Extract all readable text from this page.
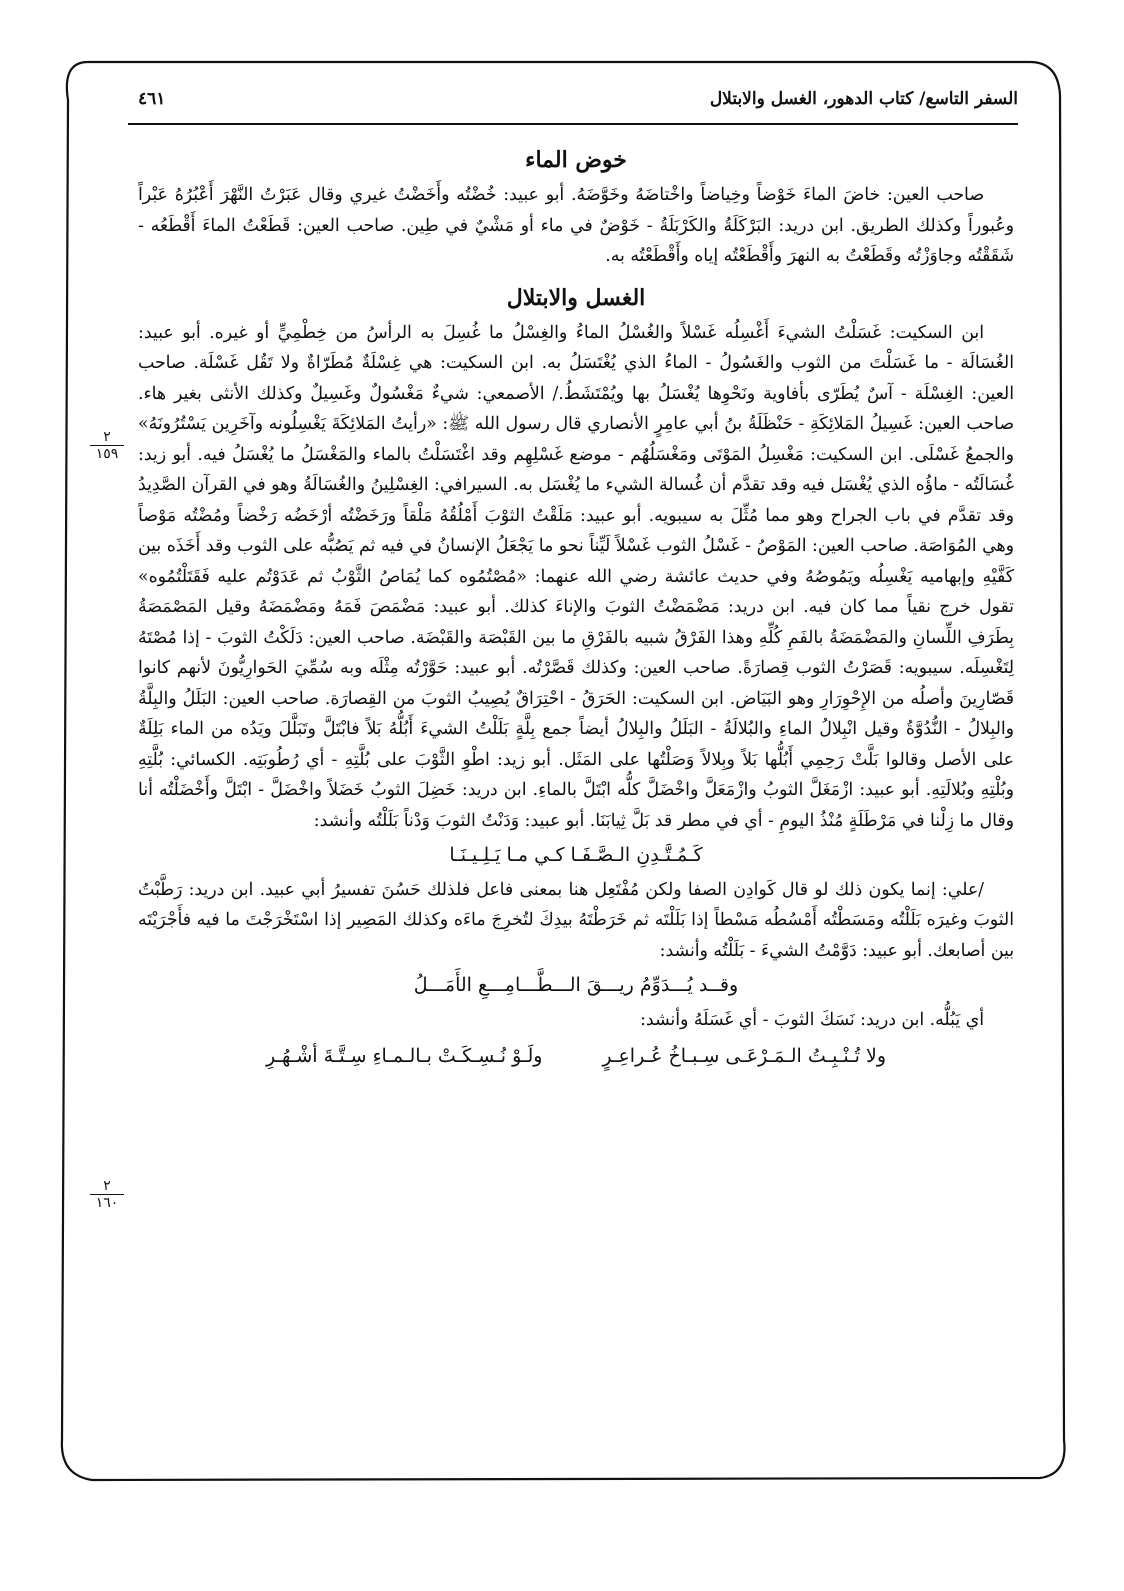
السفر التاسع/ كتاب الدهور، الغسل والابتلال
٤٦١
٢
١٥٩
٢
١٦٠
خوض الماء

صاحب العين: خاضَ الماءَ خَوْضاً وخِياضاً واخْتاضَهُ وخَوَّضَهُ. أبو عبيد: خُضْتُه وأَخَضْتُ غيري وقال عَبَرْتُ النَّهْرَ أَعْبُرُهُ عَبْراً وعُبوراً وكذلك الطريق. ابن دريد: البَرْكَلَةُ والكَرْبَلَةُ - خَوْضٌ في ماء أو مَشْيٌ في طِين. صاحب العين: قَطَعْتُ الماءَ أَقْطَعُه - شَقَقْتُه وجاوَزْتُه وقَطَعْتُ به النهرَ وأَقْطَعْتُه إياه وأَقْطَعْتُه به.

الغسل والابتلال

ابن السكيت: غَسَلْتُ الشيءَ أَغْسِلُه غَسْلاً والغُسْلُ الماءُ والغِسْلُ ما غُسِلَ به الرأسُ من خِطْمِيٍّ أو غيره. أبو عبيد: الغُسَالَة - ما غَسَلْتَ من الثوب والغَسُولُ - الماءُ الذي يُغْتَسَلُ به. ابن السكيت: هي غِسْلَةٌ مُطَرّاةٌ ولا تَقُل غَسْلَة. صاحب العين: الغِسْلَة - آسٌ يُطَرّى بأفاوية ونَحْوِها يُغْسَلُ بها ويُمْتَشَطُ./ الأصمعي: شيءٌ مَغْسُولٌ وغَسِيلٌ وكذلك الأنثى بغير هاء. صاحب العين: غَسِيلُ المَلائِكَةِ - حَنْظَلَةُ بنُ أبي عامِرٍ الأنصاري قال رسول الله ﷺ: «رأيتُ المَلائِكَةَ يَغْسِلُونه وآخَرِين يَسْتُرُونَهُ» والجمعُ غَسْلَى. ابن السكيت: مَغْسِلُ المَوْتَى ومَغْسَلُهُم - موضع غَسْلِهِم وقد اغْتَسَلْتُ بالماء والمَغْسَلُ ما يُغْسَلُ فيه. أبو زيد: غُسَالَتُه - ماؤُه الذي يُغْسَل فيه وقد تقدَّم أن غُسالة الشيء ما يُغْسَل به. السيرافي: الغِسْلِينُ والغُسَالَةُ وهو في القرآن الصَّدِيدُ وقد تقدَّم في باب الجراح وهو مما مُثِّلَ به سيبويه. أبو عبيد: مَلَقْتُ الثوْبَ أَمْلُقُهُ مَلْقاً ورَخَضْتُه أرْخَضُه رَخْضاً ومُضْتُه مَوْصاً وهي المُوَاصَة. صاحب العين: المَوْصُ - غَسْلُ الثوب غَسْلاً لَيِّناً نحو ما يَجْعَلُ الإنسانُ في فيه ثم يَصُبُّه على الثوب وقد أَخَذَه بين كَفَّيْهِ وإبهاميه يَغْسِلُه ويَمُوصُهُ وفي حديث عائشة رضي الله عنهما: «مُصْتُمُوه كما يُمَاصُ الثَّوْبُ ثم عَدَوْتُم عليه فَقَتَلْتُمُوه» تقول خرج نقياً مما كان فيه. ابن دريد: مَضْمَضْتُ الثوبَ والإناءَ كذلك. أبو عبيد: مَضْمَصَ فَمَهُ ومَضْمَضَهُ وقيل المَصْمَصَةُ بِطَرَفِ اللِّسانِ والمَضْمَضَةُ بالفَمِ كُلِّهِ وهذا الفَرْقُ شبيه بالفَرْقِ ما بين القَبْصَة والقَبْضَة. صاحب العين: دَلَكْتُ الثوبَ - إذا مُصْتَهُ لِتَغْسِلَه. سيبويه: قَصَرْتُ الثوب قِصارَةً. صاحب العين: وكذلك قَصَّرْتُه. أبو عبيد: حَوَّرْتُه مِثْلَه وبه سُمِّيَ الحَوارِيُّونَ لأنهم كانوا قَصّارِينَ وأصلُه من الإِحْوِرَارِ وهو البَيَاض. ابن السكيت: الحَرَقُ - احْتِرَاقٌ يُصِيبُ الثوبَ من القِصارَة. صاحب العين: البَلَلُ والبِلَّةُ والبِلالُ - النُّدُوَّةُ وقيل انْبِلالُ الماءِ والبُلالَةُ - البَلَلُ والبِلالُ أيضاً جمع بِلَّةٍ بَلَلْتُ الشيءَ أَبُلُّهُ بَلاً فابْتَلَّ وتَبَلَّلَ ويَدُه من الماء بَلِلَةٌ على الأصل وقالوا بَلَّتْ رَحِمِي أَبُلُّها بَلاً وبِلالاً وَصَلْتُها على المَثَل. أبو زيد: اطْوِ الثَّوْبَ على بُلَّتِهِ - أي رُطُوبَتِه. الكسائي: بُلَّتِهِ وبُلْتِهِ وبُلالَتِهِ. أبو عبيد: ازْمَغَلَّ الثوبُ وازْمَعَلَّ واخْضَلَّ كلُّه ابْتَلَّ بالماءِ. ابن دريد: خَضِلَ الثوبُ خَضَلاً واخْضَلَّ - ابْتَلَّ وأَخْضَلْتُه أنا وقال ما زِلْنا في مَرْطَلَةٍ مُنْذُ اليومِ - أي في مطر قد بَلَّ ثِيابَنَا. أبو عبيد: وَدَنْتُ الثوبَ وَدْناً بَلَلْتُه وأنشد:

كَـمُـتَّـدِنِ الـصَّـفَـا كـي مـا يَـلِـيـنَـا

/علي: إنما يكون ذلك لو قال كَوادِن الصفا ولكن مُفْتَعِل هنا بمعنى فاعل فلذلك حَسُنَ تفسيرُ أبي عبيد. ابن دريد: رَطَّبْتُ الثوبَ وغيرَه بَلَلْتُه ومَسَطْتُه أَمْسُطُه مَسْطاً إذا بَلَلْتَه ثم خَرَطْتَهُ بيدِكَ لتُخرِجَ ماءَه وكذلك المَصِير إذا اسْتَخْرَجْتَ ما فيه فأَجْرَيْتَه بين أصابعك. أبو عبيد: دَوَّمْتُ الشيءَ - بَلَلْتُه وأنشد:

وقــد يُـــدَوِّمُ ريـــقَ الـــطَّـــامِـــعِ الأَمَـــلُ

أي يَبُلُّه. ابن دريد: نَسَكَ الثوبَ - أي غَسَلَهُ وأنشد:

ولا تُـنْـبِـتُ الـمَـرْعَـى سِـبـاخُ عُـراعِـرٍ
ولَـوْ نُـسِـكَـتْ بـالـمـاءِ سِـتَّـةَ أشْـهُـرِ
